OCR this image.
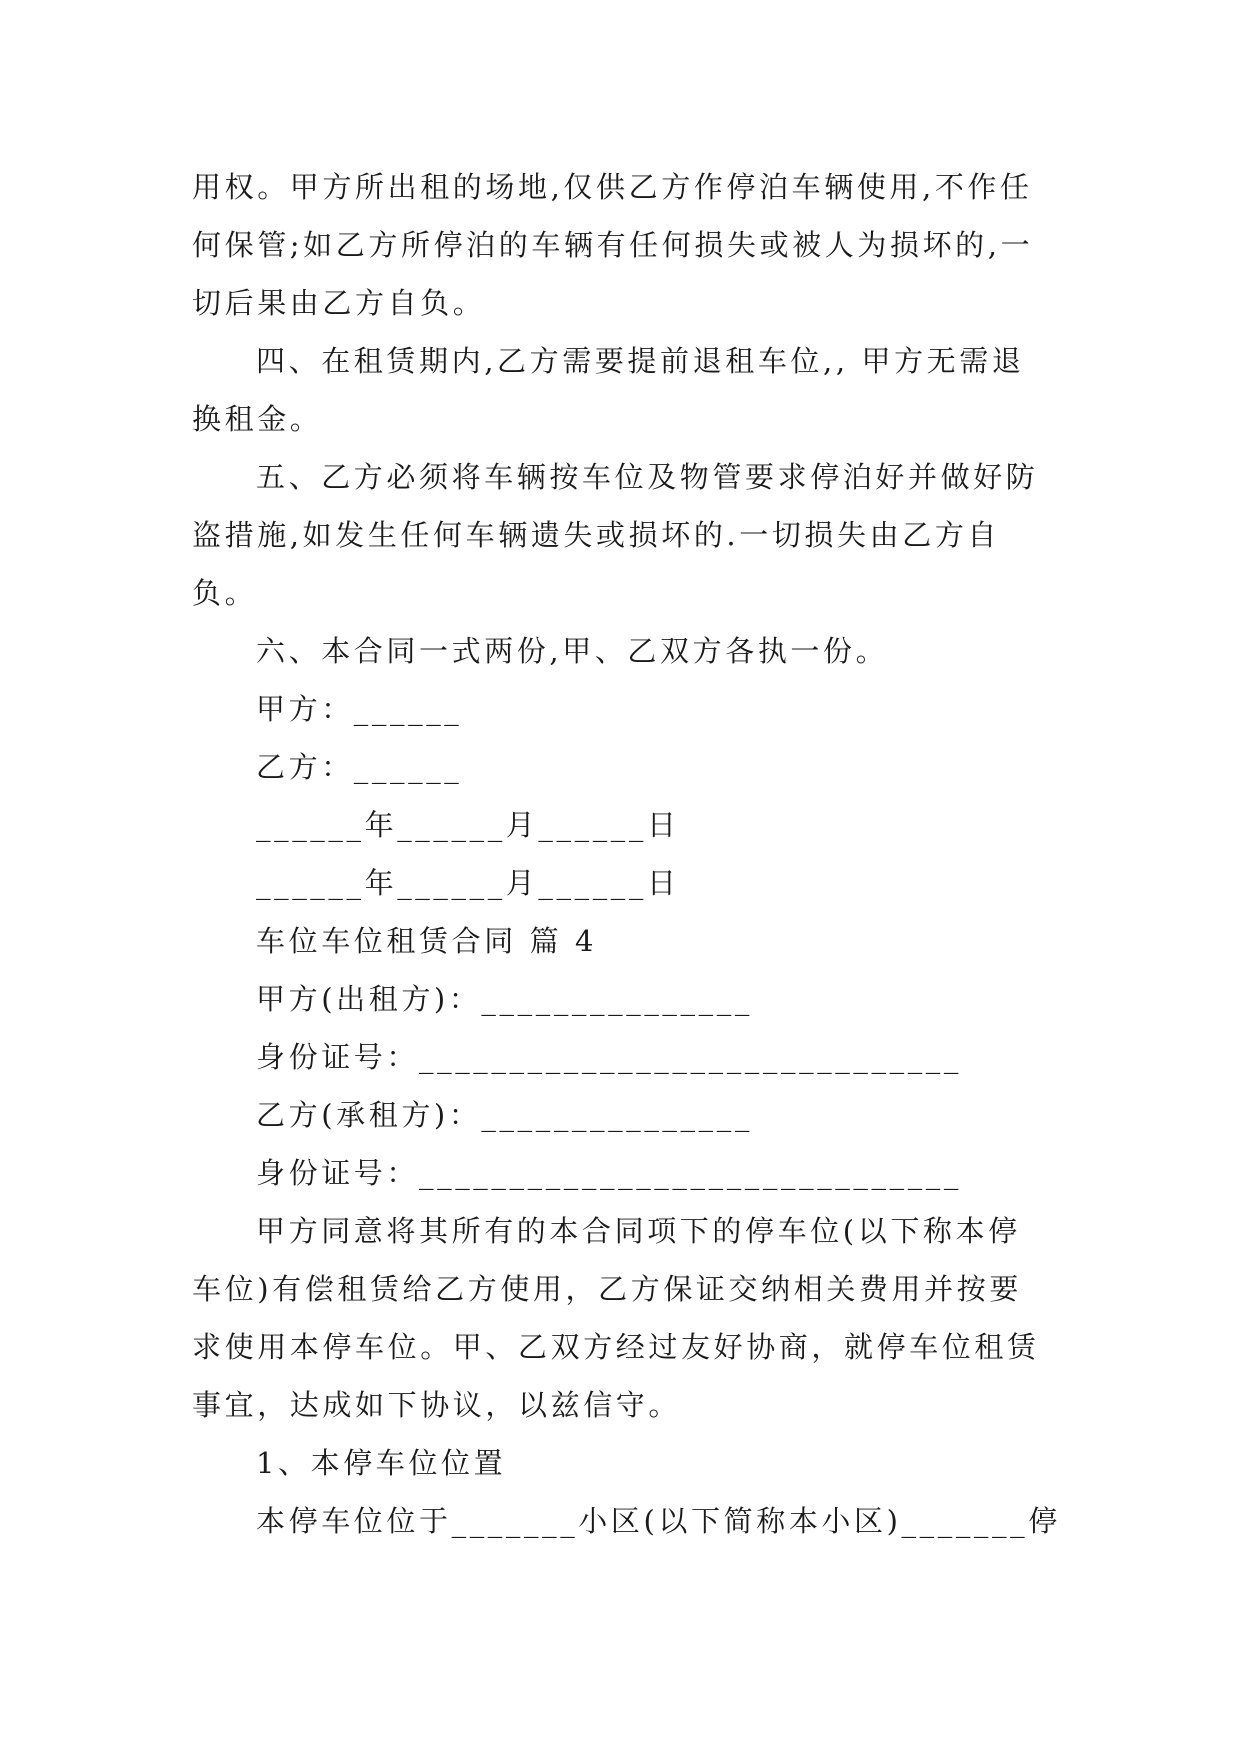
用权。甲方所出租的场地,仅供乙方作停泊车辆使用,不作任
何保管;如乙方所停泊的车辆有任何损失或被人为损坏的,一
切后果由乙方自负。
四、在租赁期内,乙方需要提前退租车位,, 甲方无需退
换租金。
五、乙方必须将车辆按车位及物管要求停泊好并做好防
盗措施,如发生任何车辆遗失或损坏的.一切损失由乙方自
负。
六、本合同一式两份,甲、乙双方各执一份。
甲方：______
乙方：______
______年______月______日
______年______月______日
车位车位租赁合同 篇 4
甲方(出租方)：_______________
身份证号：______________________________
乙方(承租方)：_______________
身份证号：______________________________
甲方同意将其所有的本合同项下的停车位(以下称本停
车位)有偿租赁给乙方使用，乙方保证交纳相关费用并按要
求使用本停车位。甲、乙双方经过友好协商，就停车位租赁
事宜，达成如下协议，以兹信守。
1、本停车位位置
本停车位位于_______小区(以下简称本小区)_______停
